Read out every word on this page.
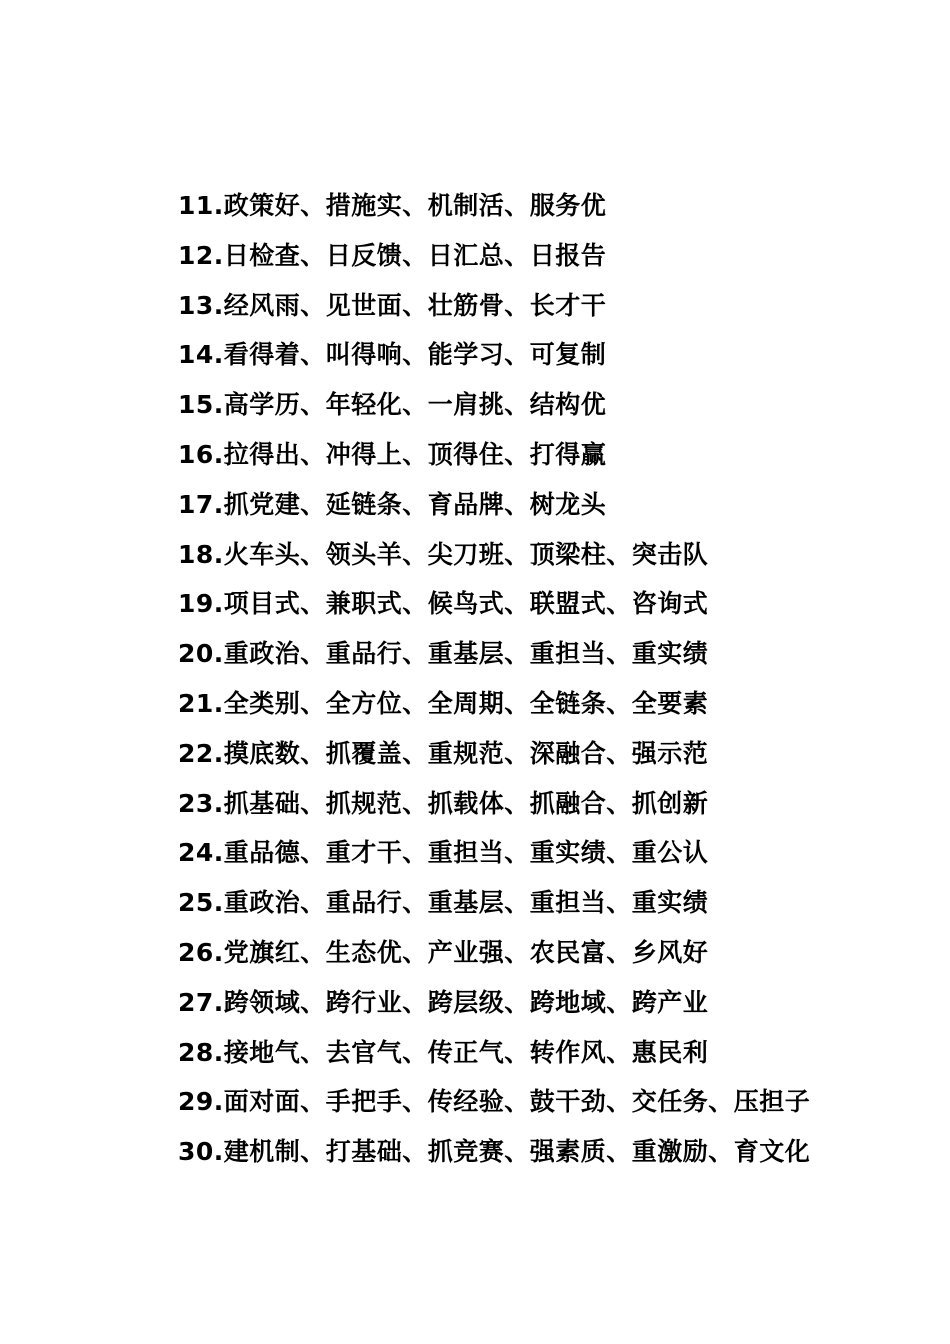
11.政策好、措施实、机制活、服务优
12.日检查、日反馈、日汇总、日报告
13.经风雨、见世面、壮筋骨、长才干
14.看得着、叫得响、能学习、可复制
15.高学历、年轻化、一肩挑、结构优
16.拉得出、冲得上、顶得住、打得赢
17.抓党建、延链条、育品牌、树龙头
18.火车头、领头羊、尖刀班、顶梁柱、突击队
19.项目式、兼职式、候鸟式、联盟式、咨询式
20.重政治、重品行、重基层、重担当、重实绩
21.全类别、全方位、全周期、全链条、全要素
22.摸底数、抓覆盖、重规范、深融合、强示范
23.抓基础、抓规范、抓载体、抓融合、抓创新
24.重品德、重才干、重担当、重实绩、重公认
25.重政治、重品行、重基层、重担当、重实绩
26.党旗红、生态优、产业强、农民富、乡风好
27.跨领域、跨行业、跨层级、跨地域、跨产业
28.接地气、去官气、传正气、转作风、惠民利
29.面对面、手把手、传经验、鼓干劲、交任务、压担子
30.建机制、打基础、抓竞赛、强素质、重激励、育文化
